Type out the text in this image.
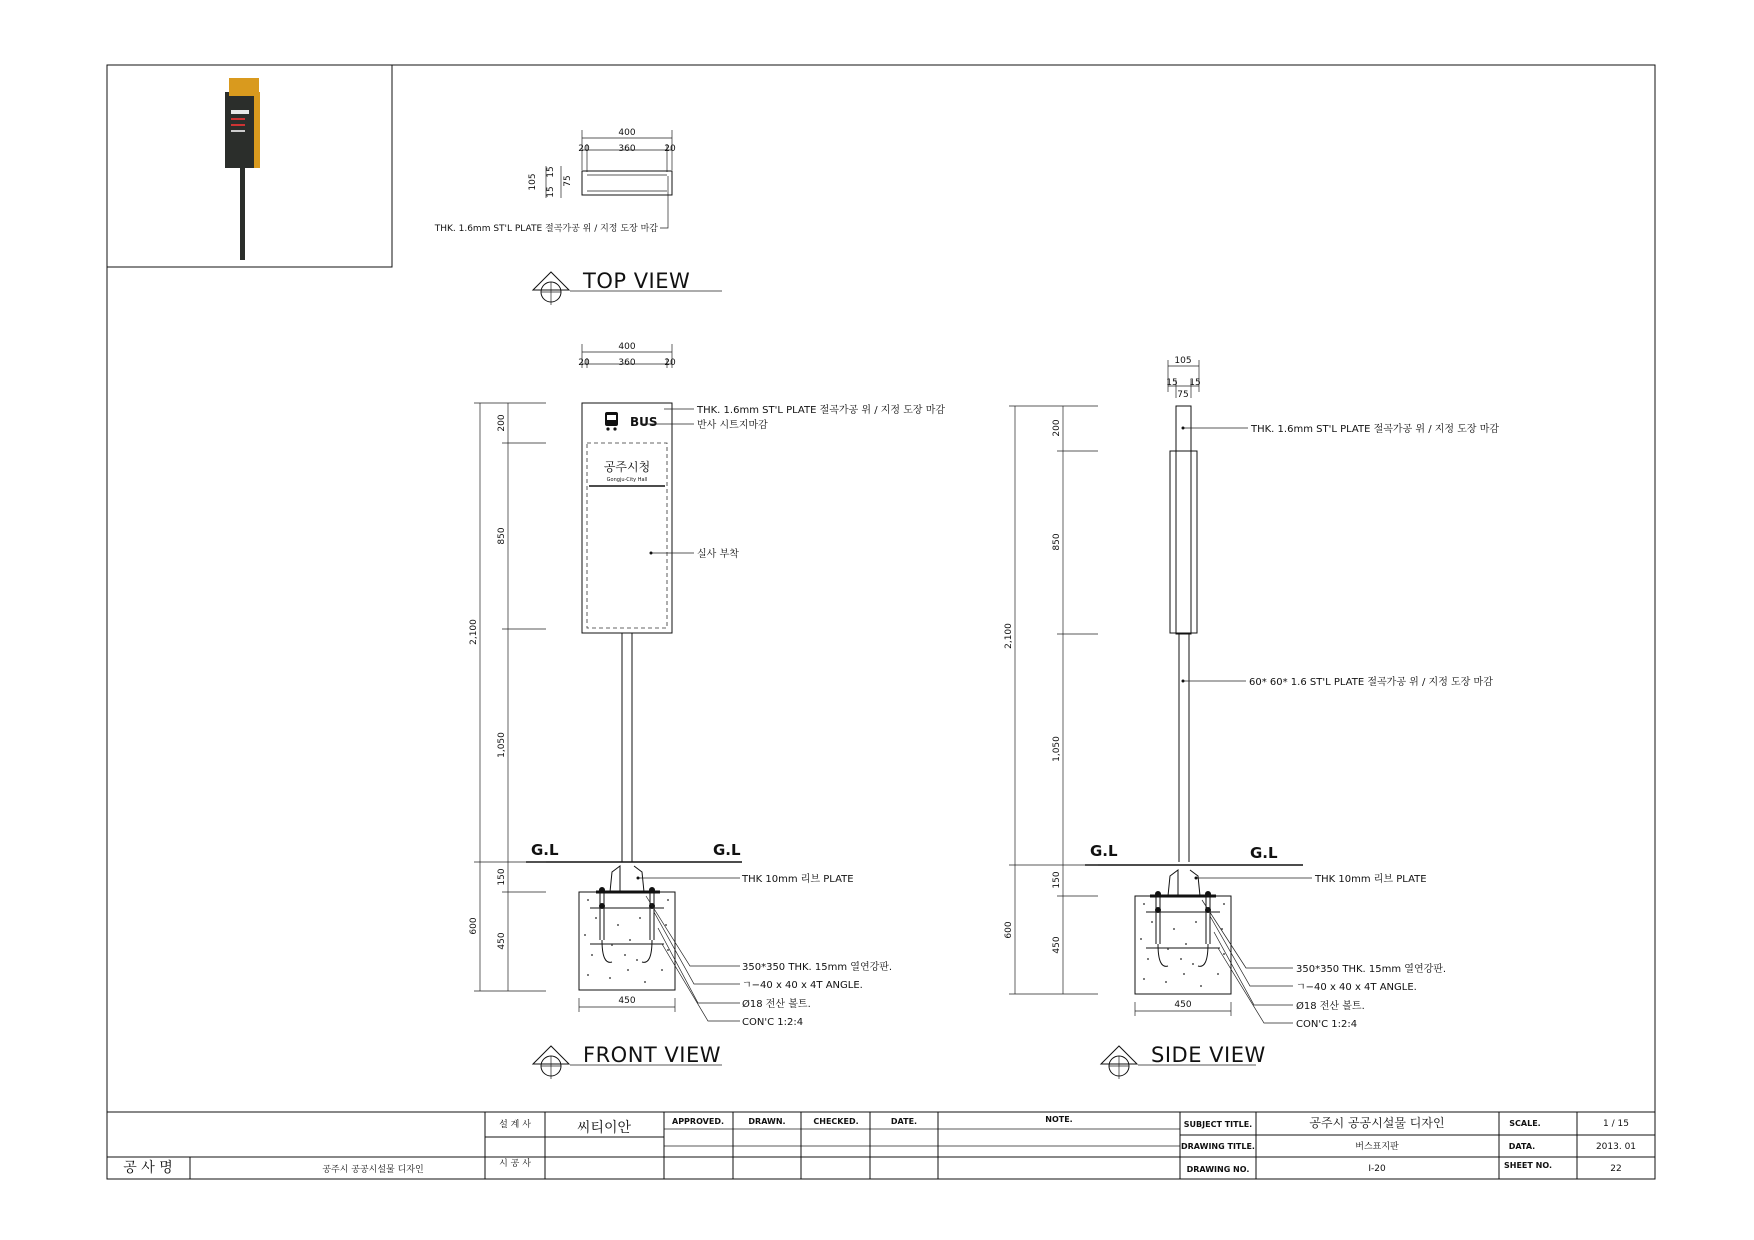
400
20	360	20
105
15
15
75
THK. 1.6mm ST'L PLATE 절곡가공 위 / 지정 도장 마감
TOP VIEW
400
20	360	20
BUS
공주시청
Gongju-City Hall
G.L	G.L
450
200
850
1,050
2,100
150
450
600
THK. 1.6mm ST'L PLATE 절곡가공 위 / 지정 도장 마감
반사 시트지마감
실사 부착
THK 10mm 리브 PLATE
350*350 THK. 15mm 열연강판.
ㄱ−40 x 40 x 4T ANGLE.
Ø18 전산 볼트.
CON'C 1:2:4
FRONT VIEW
105
15 15
75
G.L	G.L
450
200
850
1,050
2,100
150
450
600
THK. 1.6mm ST'L PLATE 절곡가공 위 / 지정 도장 마감
60* 60* 1.6 ST'L PLATE 절곡가공 위 / 지정 도장 마감
THK 10mm 리브 PLATE
350*350 THK. 15mm 열연강판.
ㄱ−40 x 40 x 4T ANGLE.
Ø18 전산 볼트.
CON'C 1:2:4
SIDE VIEW
공 사 명	공주시 공공시설물 디자인
설 계 사	씨티이안
시 공 사
APPROVED.	DRAWN.	CHECKED.	DATE.	NOTE.
SUBJECT TITLE.	공주시 공공시설물 디자인
DRAWING TITLE.	버스표지판
DRAWING NO.	I-20
SCALE.	1 / 15
DATA.	2013. 01
SHEET NO.	22
